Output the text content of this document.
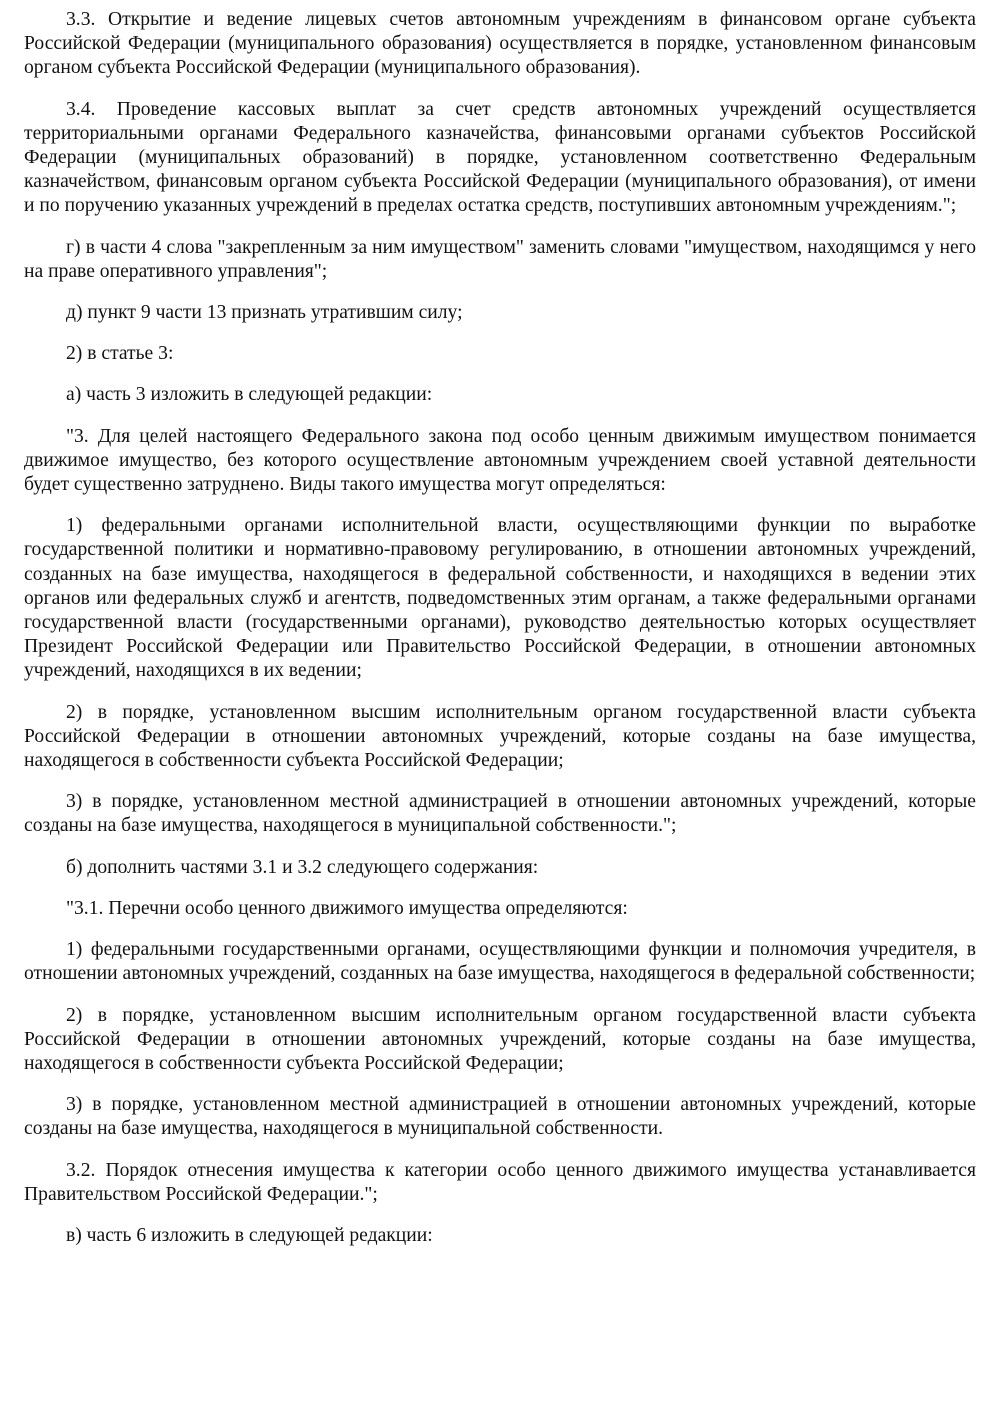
3.3. Открытие и ведение лицевых счетов автономным учреждениям в финансовом органе субъекта Российской Федерации (муниципального образования) осуществляется в порядке, установленном финансовым органом субъекта Российской Федерации (муниципального образования).

3.4. Проведение кассовых выплат за счет средств автономных учреждений осуществляется территориальными органами Федерального казначейства, финансовыми органами субъектов Российской Федерации (муниципальных образований) в порядке, установленном соответственно Федеральным казначейством, финансовым органом субъекта Российской Федерации (муниципального образования), от имени и по поручению указанных учреждений в пределах остатка средств, поступивших автономным учреждениям.";

г) в части 4 слова "закрепленным за ним имуществом" заменить словами "имуществом, находящимся у него на праве оперативного управления";

д) пункт 9 части 13 признать утратившим силу;

2) в статье 3:

а) часть 3 изложить в следующей редакции:

"3. Для целей настоящего Федерального закона под особо ценным движимым имуществом понимается движимое имущество, без которого осуществление автономным учреждением своей уставной деятельности будет существенно затруднено. Виды такого имущества могут определяться:

1) федеральными органами исполнительной власти, осуществляющими функции по выработке государственной политики и нормативно-правовому регулированию, в отношении автономных учреждений, созданных на базе имущества, находящегося в федеральной собственности, и находящихся в ведении этих органов или федеральных служб и агентств, подведомственных этим органам, а также федеральными органами государственной власти (государственными органами), руководство деятельностью которых осуществляет Президент Российской Федерации или Правительство Российской Федерации, в отношении автономных учреждений, находящихся в их ведении;

2) в порядке, установленном высшим исполнительным органом государственной власти субъекта Российской Федерации в отношении автономных учреждений, которые созданы на базе имущества, находящегося в собственности субъекта Российской Федерации;

3) в порядке, установленном местной администрацией в отношении автономных учреждений, которые созданы на базе имущества, находящегося в муниципальной собственности.";

б) дополнить частями 3.1 и 3.2 следующего содержания:

"3.1. Перечни особо ценного движимого имущества определяются:

1) федеральными государственными органами, осуществляющими функции и полномочия учредителя, в отношении автономных учреждений, созданных на базе имущества, находящегося в федеральной собственности;

2) в порядке, установленном высшим исполнительным органом государственной власти субъекта Российской Федерации в отношении автономных учреждений, которые созданы на базе имущества, находящегося в собственности субъекта Российской Федерации;

3) в порядке, установленном местной администрацией в отношении автономных учреждений, которые созданы на базе имущества, находящегося в муниципальной собственности.

3.2. Порядок отнесения имущества к категории особо ценного движимого имущества устанавливается Правительством Российской Федерации.";

в) часть 6 изложить в следующей редакции:
